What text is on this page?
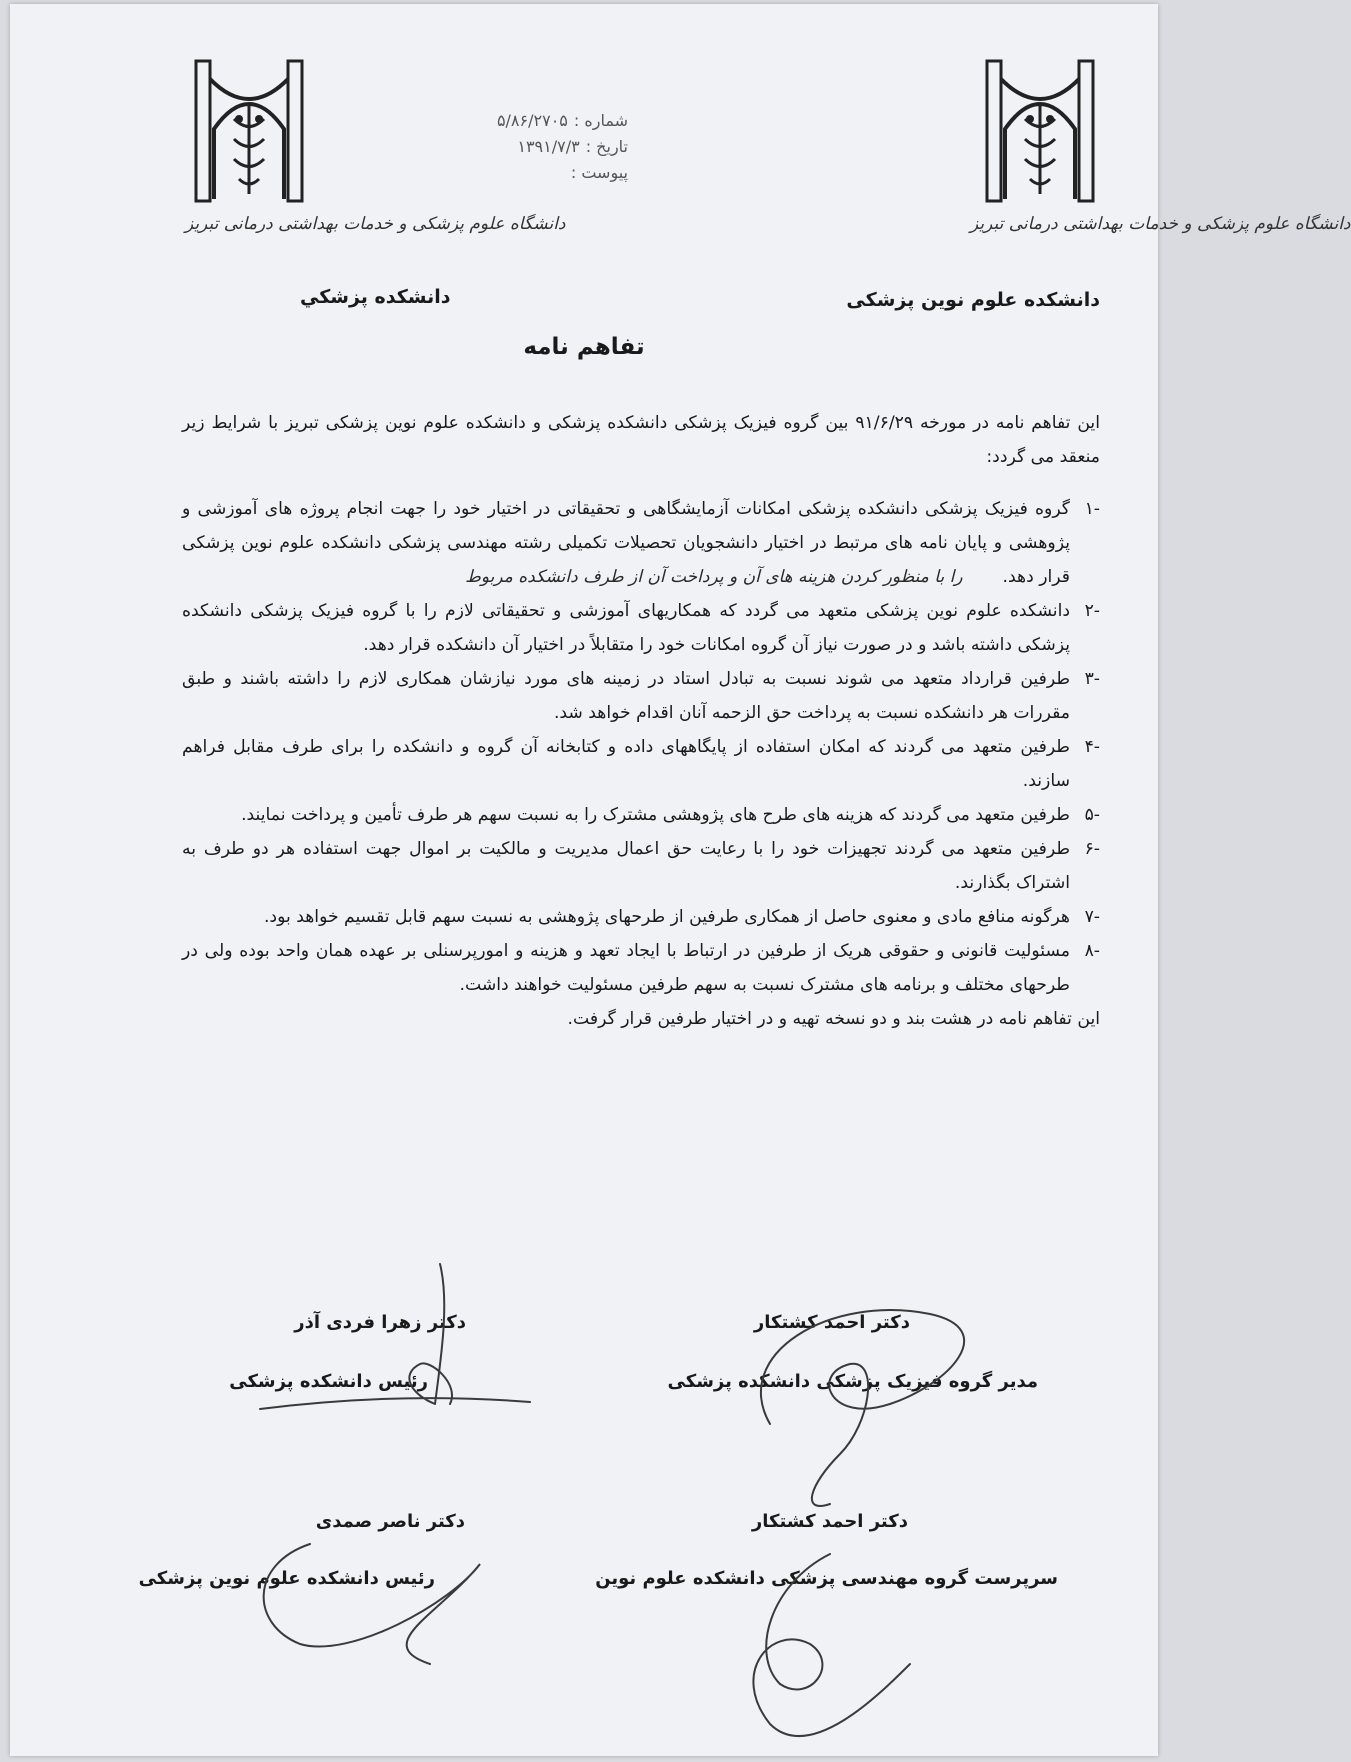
دانشگاه علوم پزشکی و خدمات بهداشتی درمانی تبریز
دانشکده علوم نوین پزشکی
دانشگاه علوم پزشکی و خدمات بهداشتی درمانی تبریز
دانشکده پزشكي
شماره :
۵/۸۶/۲۷۰۵
تاریخ :
۱۳۹۱/۷/۳
پیوست :
تفاهم نامه

این تفاهم نامه در مورخه ۹۱/۶/۲۹ بین گروه فیزیک پزشکی دانشکده پزشکی و دانشکده علوم نوین پزشکی تبریز با شرایط زیر منعقد می گردد:

-۱
گروه فیزیک پزشکی دانشکده پزشکی امکانات آزمایشگاهی و تحقیقاتی در اختیار خود را جهت انجام پروژه های آموزشی و پژوهشی و پایان نامه های مرتبط در اختیار دانشجویان تحصیلات تکمیلی رشته مهندسی پزشکی دانشکده علوم نوین پزشکی قرار دهد.را با منظور کردن هزینه های آن و پرداخت آن از طرف دانشکده مربوط
-۲
دانشکده علوم نوین پزشکی متعهد می گردد که همکاریهای آموزشی و تحقیقاتی لازم را با گروه فیزیک پزشکی دانشکده پزشکی داشته باشد و در صورت نیاز آن گروه امکانات خود را متقابلاً در اختیار آن دانشکده قرار دهد.
-۳
طرفین قرارداد متعهد می شوند نسبت به تبادل استاد در زمینه های مورد نیازشان همکاری لازم را داشته باشند و طبق مقررات هر دانشکده نسبت به پرداخت حق الزحمه آنان اقدام خواهد شد.
-۴
طرفین متعهد می گردند که امکان استفاده از پایگاههای داده و کتابخانه آن گروه و دانشکده را برای طرف مقابل فراهم سازند.
-۵
طرفین متعهد می گردند که هزینه های طرح های پژوهشی مشترک را به نسبت سهم هر طرف تأمین و پرداخت نمایند.
-۶
طرفین متعهد می گردند تجهیزات خود را با رعایت حق اعمال مدیریت و مالکیت بر اموال جهت استفاده هر دو طرف به اشتراک بگذارند.
-۷
هرگونه منافع مادی و معنوی حاصل از همکاری طرفین از طرحهای پژوهشی به نسبت سهم قابل تقسیم خواهد بود.
-۸
مسئولیت قانونی و حقوقی هریک از طرفین در ارتباط با ایجاد تعهد و هزینه و امورپرسنلی بر عهده همان واحد بوده ولی در طرحهای مختلف و برنامه های مشترک نسبت به سهم طرفین مسئولیت خواهند داشت.

این تفاهم نامه در هشت بند و دو نسخه تهیه و در اختیار طرفین قرار گرفت.

دکتر احمد کشتکار
مدیر گروه فیزیک پزشکی دانشکده پزشکی
دکتر زهرا فردی آذر
رئیس دانشکده پزشکی
دکتر احمد کشتکار
سرپرست گروه مهندسی پزشکی دانشکده علوم نوین
دکتر ناصر صمدی
رئیس دانشکده علوم نوین پزشکی
